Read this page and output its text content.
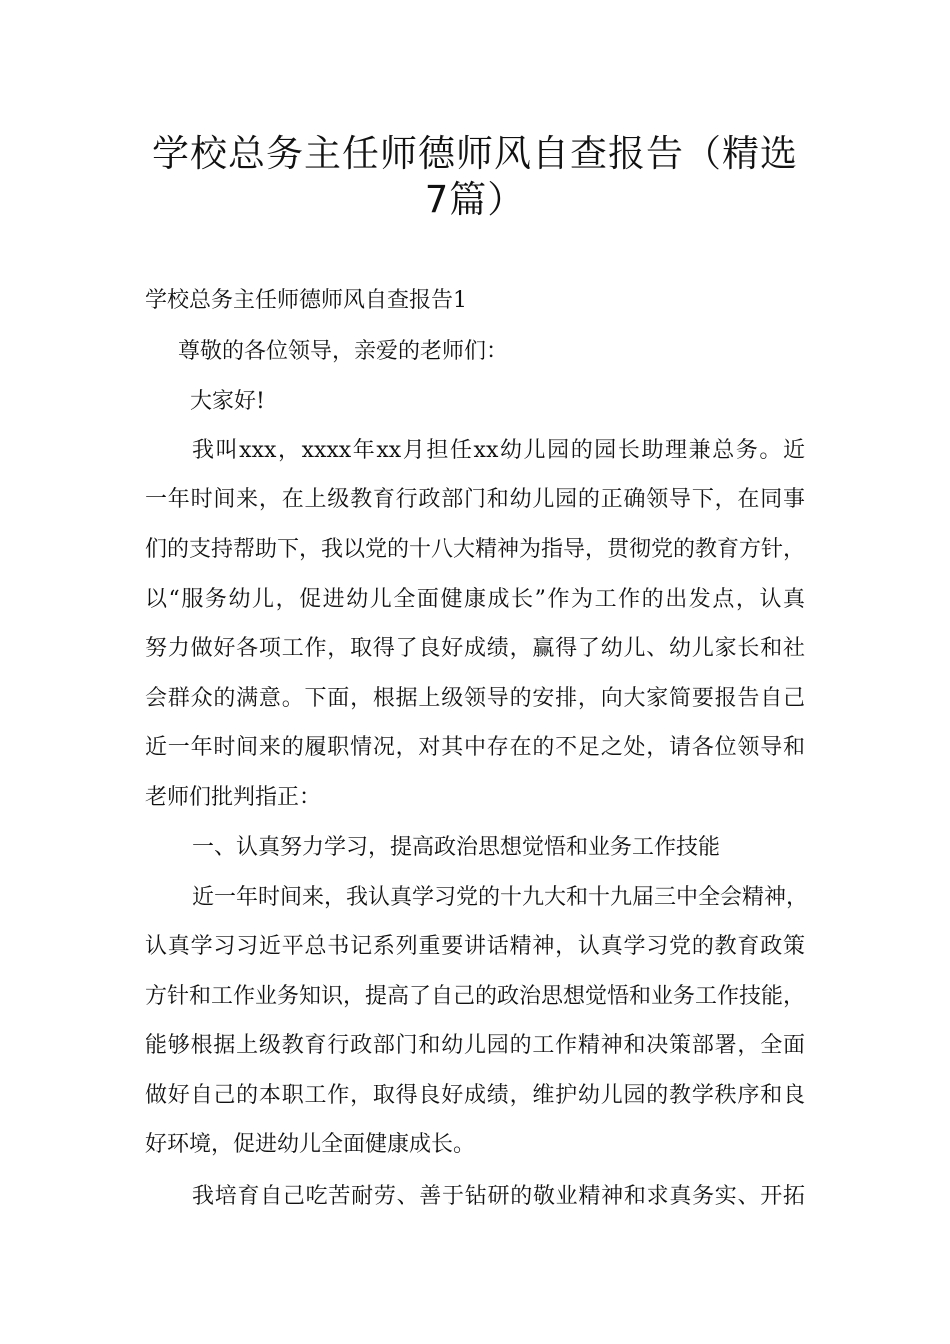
学校总务主任师德师风自查报告（精选
7篇）
学校总务主任师德师风自查报告1
尊敬的各位领导，亲爱的老师们：
大家好!
我叫xxx，xxxx年xx月担任xx幼儿园的园长助理兼总务。近
一年时间来，在上级教育行政部门和幼儿园的正确领导下，在同事
们的支持帮助下，我以党的十八大精神为指导，贯彻党的教育方针，
以“服务幼儿，促进幼儿全面健康成长”作为工作的出发点，认真
努力做好各项工作，取得了良好成绩，赢得了幼儿、幼儿家长和社
会群众的满意。下面，根据上级领导的安排，向大家简要报告自己
近一年时间来的履职情况，对其中存在的不足之处，请各位领导和
老师们批判指正：
一、认真努力学习，提高政治思想觉悟和业务工作技能
近一年时间来，我认真学习党的十九大和十九届三中全会精神，
认真学习习近平总书记系列重要讲话精神，认真学习党的教育政策
方针和工作业务知识，提高了自己的政治思想觉悟和业务工作技能，
能够根据上级教育行政部门和幼儿园的工作精神和决策部署，全面
做好自己的本职工作，取得良好成绩，维护幼儿园的教学秩序和良
好环境，促进幼儿全面健康成长。
我培育自己吃苦耐劳、善于钻研的敬业精神和求真务实、开拓
